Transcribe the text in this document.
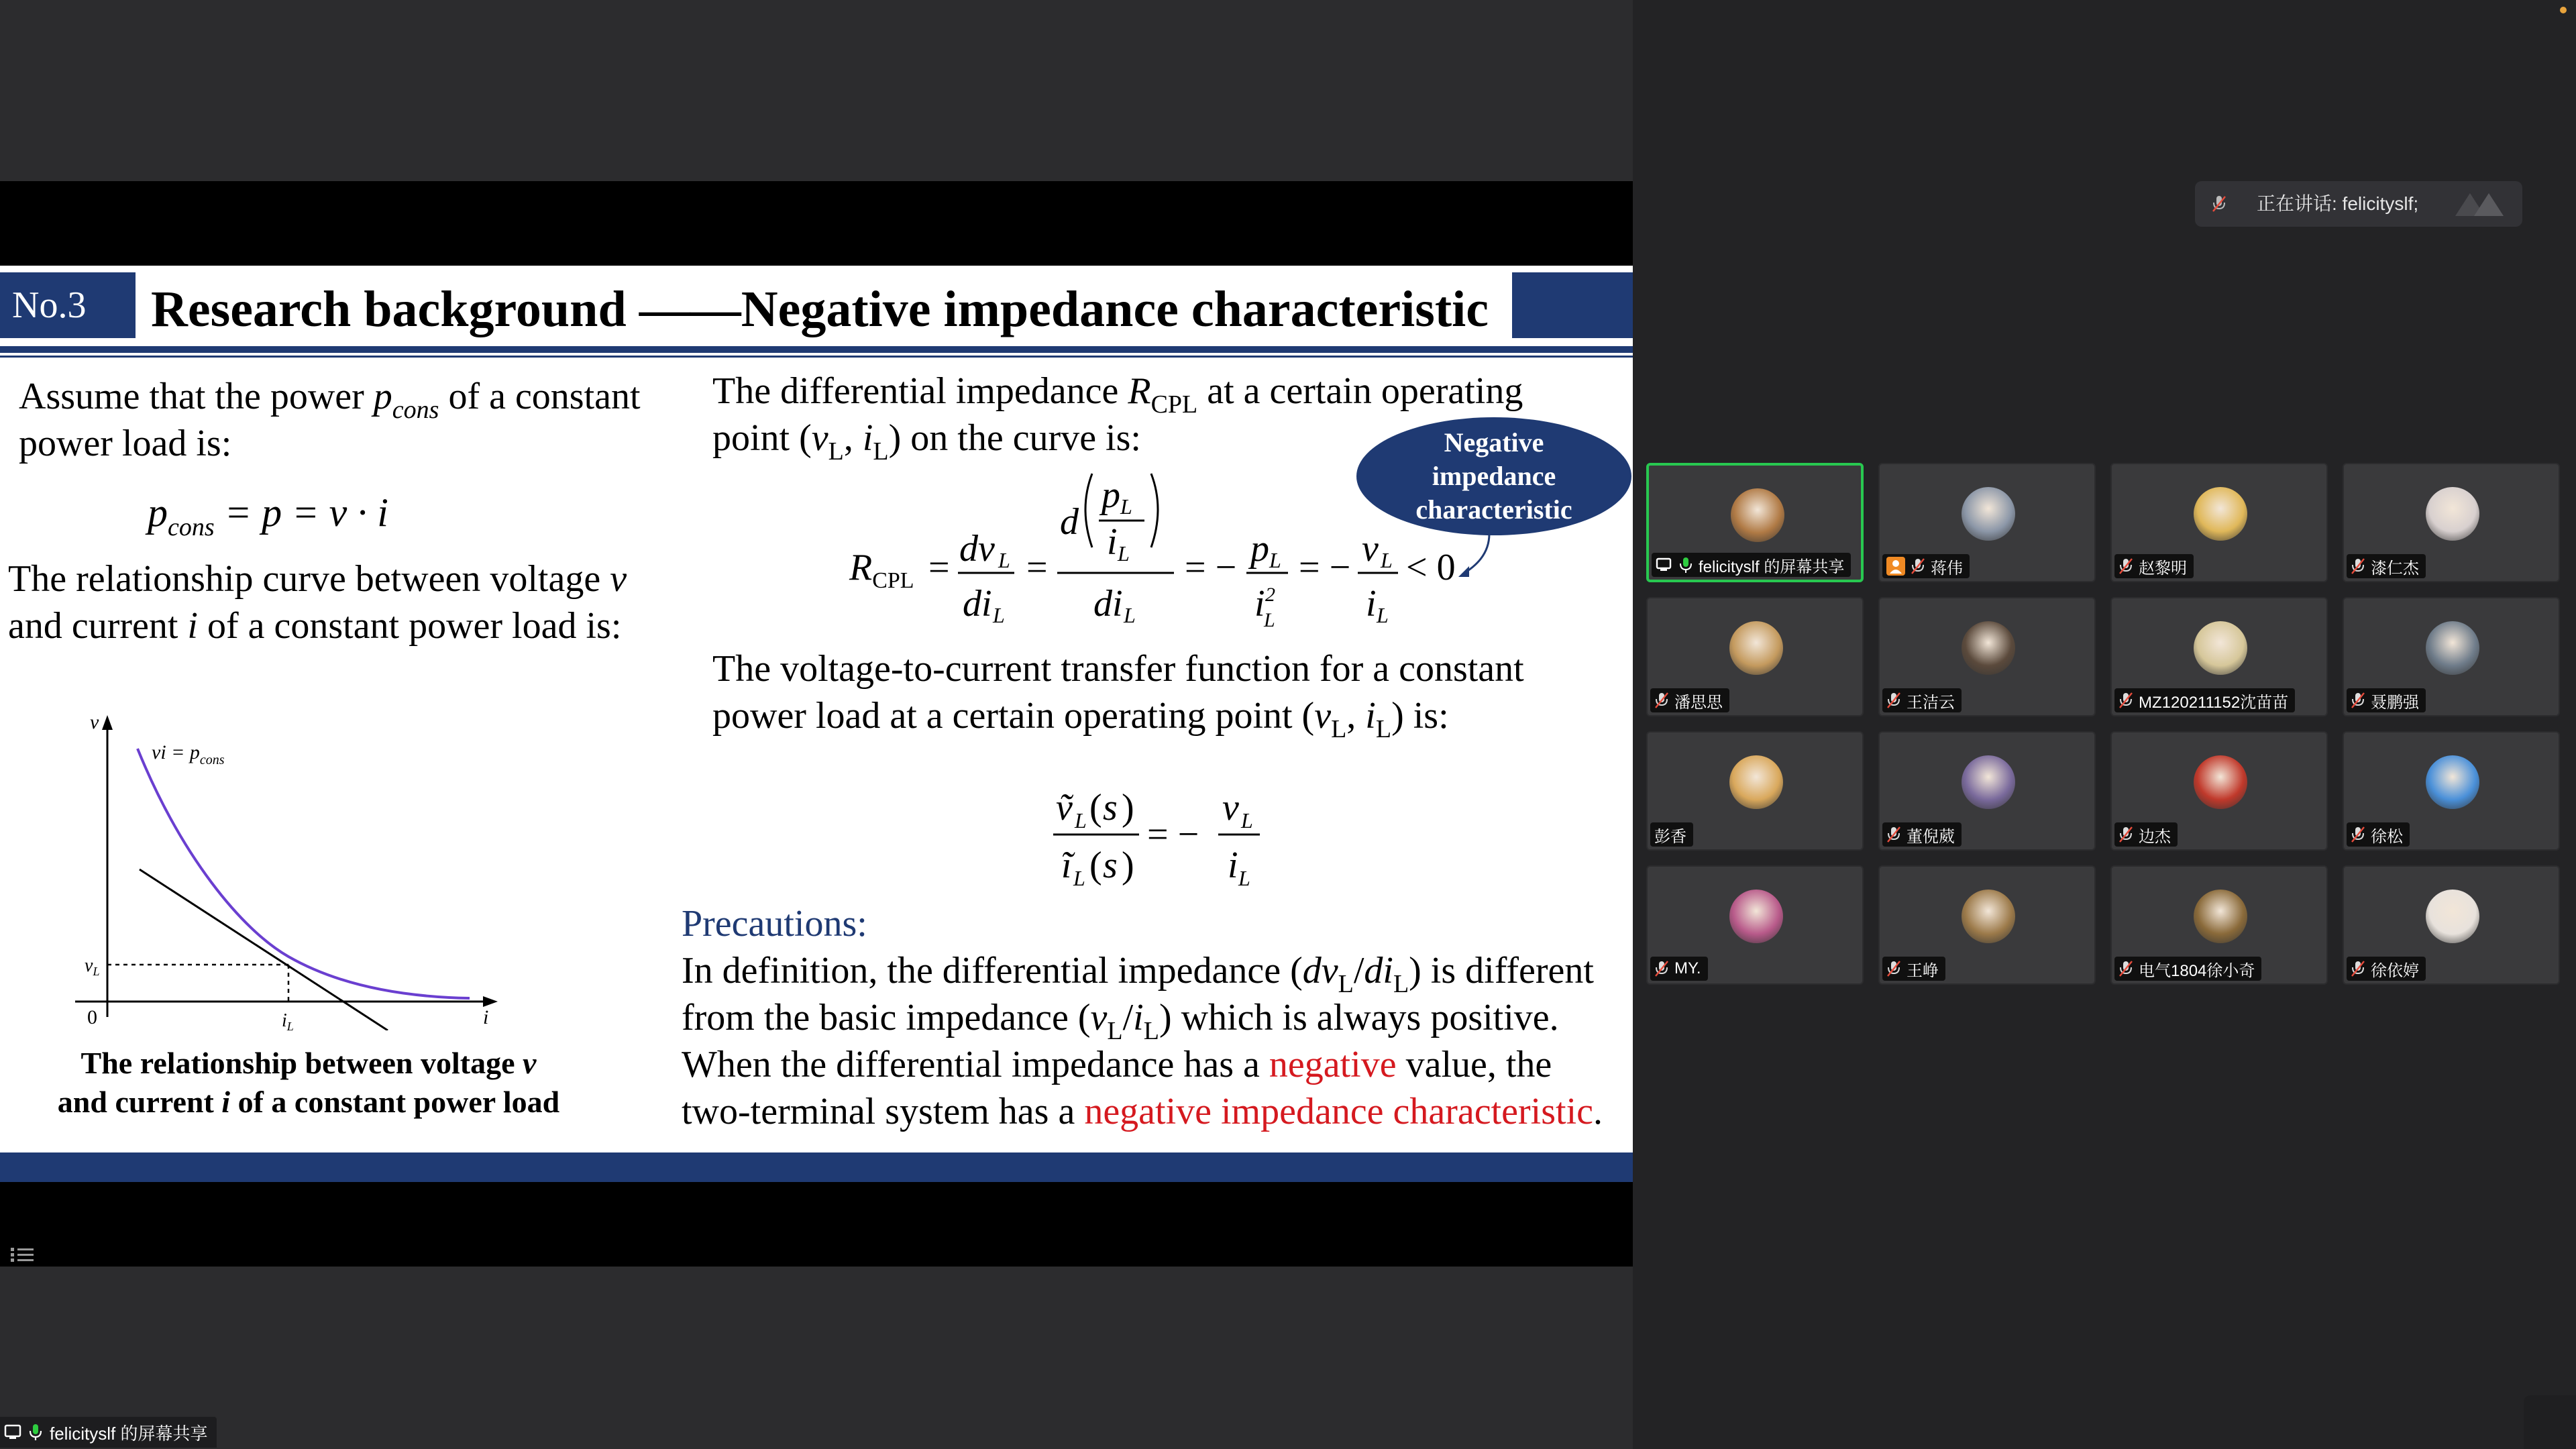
No.3	Research background ——Negative impedance characteristic
Assume that the power $p_{cons}$ of a constant
power load is:
$p_{cons} = p = v \cdot i$
The relationship curve between voltage v
and current i of a constant power load is:
v
i
0
vi = $p_{cons}$
$v_L$
$i_L$
The relationship between voltage v
and current i of a constant power load
The differential impedance $R_{CPL}$ at a certain operating
point ($v_L$, $i_L$) on the curve is:	Negative
impedance
characteristic
$R_{CPL}$ = dv L
di L
=
d
p L
i L
di L
= − p L
i 2
L
= − v L
i L
< 0
The voltage-to-current transfer function for a constant
power load at a certain operating point ($v_L$, $i_L$) is:
ṽ L ( s )
ĩ L ( s )
= −
v L
i L
Precautions:
In definition, the differential impedance $(dv_L/di_L)$ is different
from the basic impedance $(v_L/i_L)$ which is always positive.
When the differential impedance has a negative value, the
two-terminal system has a negative impedance characteristic.
felicityslf 的屏幕共享
正在讲话: felicityslf;
felicityslf 的屏幕共享	蒋伟	赵黎明	漆仁杰
潘思思	王洁云	MZ120211152沈苗苗	聂鹏强
彭香	董倪葳	边杰	徐松
MY.	王峥	电气1804徐小奇	徐依婷
